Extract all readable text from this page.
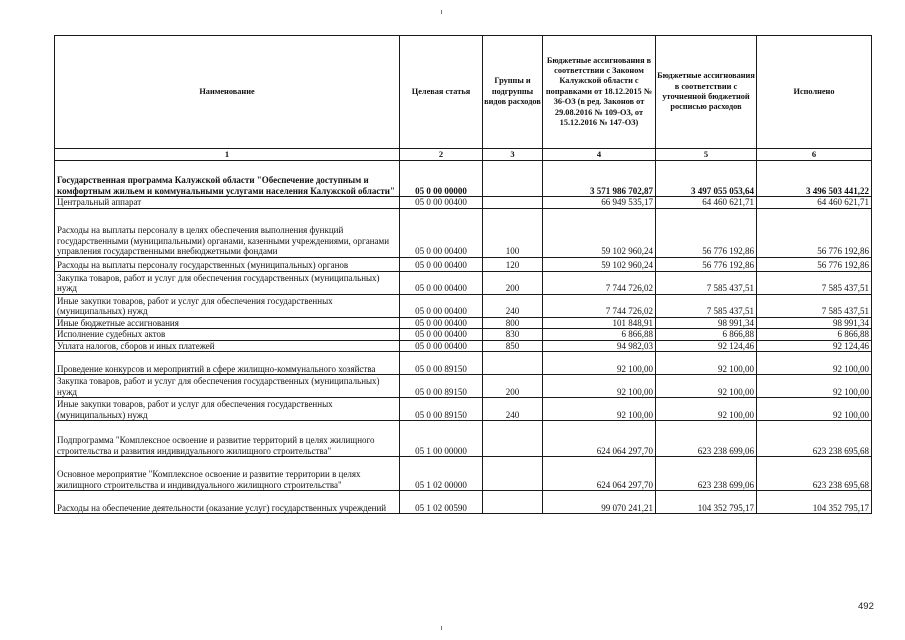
Наименование	Целевая статья	Группы и подгруппы видов расходов	Бюджетные ассигнования в соответствии с Законом Калужской области с поправками от 18.12.2015 № 36-ОЗ (в ред. Законов от 29.08.2016 № 109-ОЗ, от 15.12.2016 № 147-ОЗ)	Бюджетные ассигнования в соответствии с уточненной бюджетной росписью расходов	Исполнено
1	2	3	4	5	6
Государственная программа Калужской области "Обеспечение доступным и комфортным жильем и коммунальными услугами населения Калужской области"	05 0 00 00000		3 571 986 702,87	3 497 055 053,64	3 496 503 441,22
Центральный аппарат	05 0 00 00400		66 949 535,17	64 460 621,71	64 460 621,71
Расходы на выплаты персоналу в целях обеспечения выполнения функций государственными (муниципальными) органами, казенными учреждениями, органами управления государственными внебюджетными фондами	05 0 00 00400	100	59 102 960,24	56 776 192,86	56 776 192,86
Расходы на выплаты персоналу государственных (муниципальных) органов	05 0 00 00400	120	59 102 960,24	56 776 192,86	56 776 192,86
Закупка товаров, работ и услуг для обеспечения государственных (муниципальных) нужд	05 0 00 00400	200	7 744 726,02	7 585 437,51	7 585 437,51
Иные закупки товаров, работ и услуг для обеспечения государственных (муниципальных) нужд	05 0 00 00400	240	7 744 726,02	7 585 437,51	7 585 437,51
Иные бюджетные ассигнования	05 0 00 00400	800	101 848,91	98 991,34	98 991,34
Исполнение судебных актов	05 0 00 00400	830	6 866,88	6 866,88	6 866,88
Уплата налогов, сборов и иных платежей	05 0 00 00400	850	94 982,03	92 124,46	92 124,46
Проведение конкурсов и мероприятий в сфере жилищно-коммунального хозяйства	05 0 00 89150		92 100,00	92 100,00	92 100,00
Закупка товаров, работ и услуг для обеспечения государственных (муниципальных) нужд	05 0 00 89150	200	92 100,00	92 100,00	92 100,00
Иные закупки товаров, работ и услуг для обеспечения государственных (муниципальных) нужд	05 0 00 89150	240	92 100,00	92 100,00	92 100,00
Подпрограмма "Комплексное освоение и развитие территорий в целях жилищного строительства и развития индивидуального жилищного строительства"	05 1 00 00000		624 064 297,70	623 238 699,06	623 238 695,68
Основное мероприятие "Комплексное освоение и развитие территории в целях жилищного строительства и индивидуального жилищного строительства"	05 1 02 00000		624 064 297,70	623 238 699,06	623 238 695,68
Расходы на обеспечение деятельности (оказание услуг) государственных учреждений	05 1 02 00590		99 070 241,21	104 352 795,17	104 352 795,17
492
